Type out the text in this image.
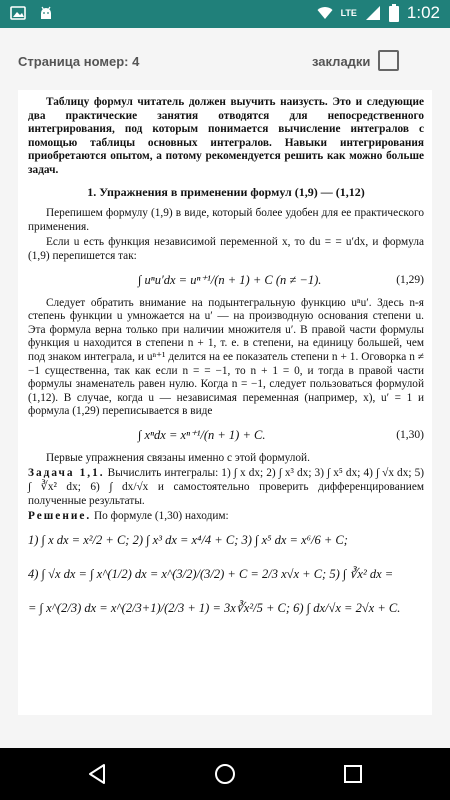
LTE	1:02
Страница номер: 4	закладки

Таблицу формул читатель должен выучить наизусть. Это и следующие два практические занятия отводятся для непосредственного интегрирования, под которым понимается вычисление интегралов с помощью таблицы основных интегралов. Навыки интегрирования приобретаются опытом, а потому рекомендуется решить как можно больше задач.

1. Упражнения в применении формул (1,9) — (1,12)

Перепишем формулу (1,9) в виде, который более удобен для ее практического применения.

Если u есть функция независимой переменной x, то du = = u′dx, и формула (1,9) перепишется так:

∫ uⁿu′dx = uⁿ⁺¹/(n + 1) + C (n ≠ −1).	(1,29)

Следует обратить внимание на подынтегральную функцию uⁿu′. Здесь n-я степень функции u умножается на u′ — на производную основания степени u. Эта формула верна только при наличии множителя u′. В правой части формулы функция u находится в степени n + 1, т. е. в степени, на единицу большей, чем под знаком интеграла, и uⁿ⁺¹ делится на ее показатель степени n + 1. Оговорка n ≠ −1 существенна, так как если n = = −1, то n + 1 = 0, и тогда в правой части формулы знаменатель равен нулю. Когда n = −1, следует пользоваться формулой (1,12). В случае, когда u — независимая переменная (например, x), u′ = 1 и формула (1,29) переписывается в виде

∫ xⁿdx = xⁿ⁺¹/(n + 1) + C.	(1,30)

Первые упражнения связаны именно с этой формулой.

Задача 1,1. Вычислить интегралы: 1) ∫ x dx; 2) ∫ x³ dx; 3) ∫ x⁵ dx; 4) ∫ √x dx; 5) ∫ ∛x² dx; 6) ∫ dx/√x и самостоятельно проверить дифференцированием полученные результаты.

Решение. По формуле (1,30) находим:

1) ∫ x dx = x²/2 + C; 2) ∫ x³ dx = x⁴/4 + C; 3) ∫ x⁵ dx = x⁶/6 + C;
4) ∫ √x dx = ∫ x^(1/2) dx = x^(3/2)/(3/2) + C = 2/3 x√x + C; 5) ∫ ∛x² dx =
= ∫ x^(2/3) dx = x^(2/3+1)/(2/3 + 1) = 3x∛x²/5 + C; 6) ∫ dx/√x = 2√x + C.
